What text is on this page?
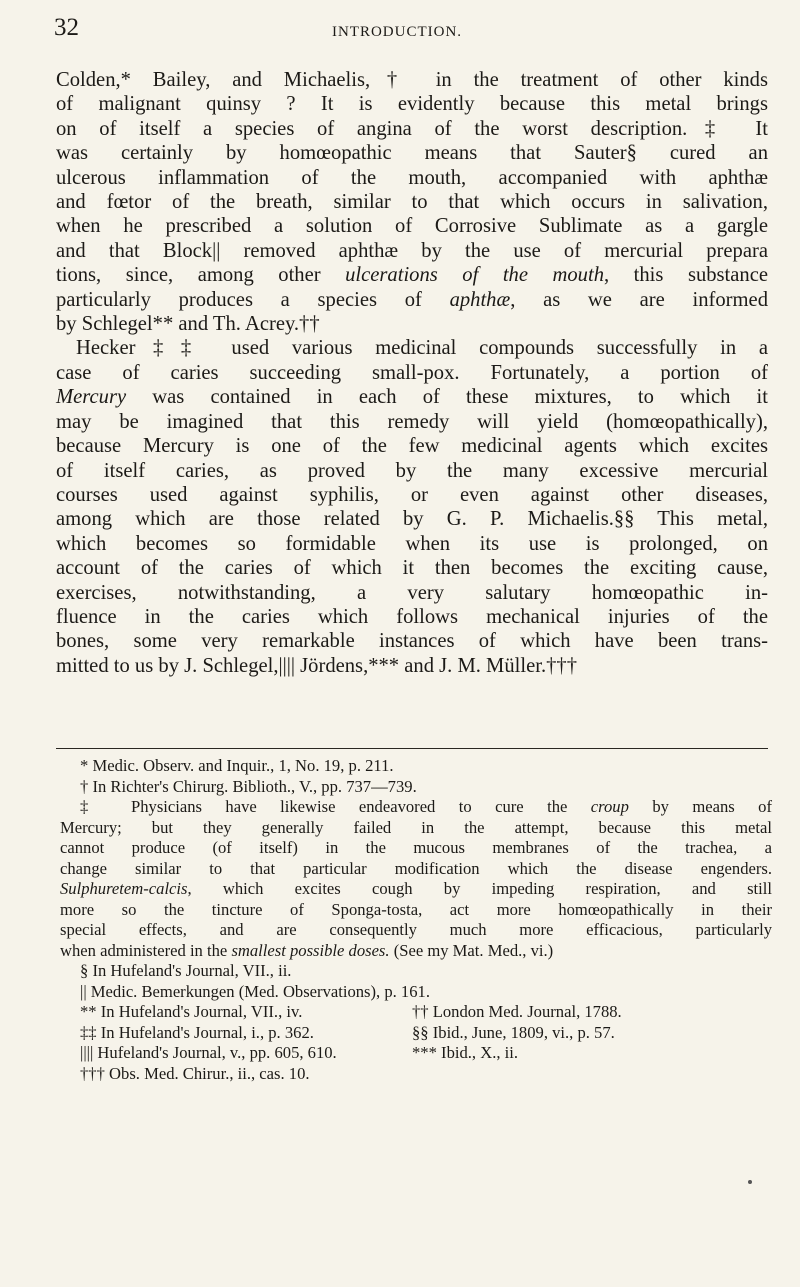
32	INTRODUCTION.
Colden,* Bailey, and Michaelis,† in the treatment of other kinds
of malignant quinsy ? It is evidently because this metal brings
on of itself a species of angina of the worst description.‡ It
was certainly by homœopathic means that Sauter§ cured an
ulcerous inflammation of the mouth, accompanied with aphthæ
and fœtor of the breath, similar to that which occurs in salivation,
when he prescribed a solution of Corrosive Sublimate as a gargle
and that Block|| removed aphthæ by the use of mercurial prepara
tions, since, among other ulcerations of the mouth, this substance
particularly produces a species of aphthæ, as we are informed
by Schlegel** and Th. Acrey.††
Hecker‡‡ used various medicinal compounds successfully in a
case of caries succeeding small-pox. Fortunately, a portion of
Mercury was contained in each of these mixtures, to which it
may be imagined that this remedy will yield (homœopathically),
because Mercury is one of the few medicinal agents which excites
of itself caries, as proved by the many excessive mercurial
courses used against syphilis, or even against other diseases,
among which are those related by G. P. Michaelis.§§ This metal,
which becomes so formidable when its use is prolonged, on
account of the caries of which it then becomes the exciting cause,
exercises, notwithstanding, a very salutary homœopathic in-
fluence in the caries which follows mechanical injuries of the
bones, some very remarkable instances of which have been trans-
mitted to us by J. Schlegel,|||| Jördens,*** and J. M. Müller.†††
* Medic. Observ. and Inquir., 1, No. 19, p. 211.
† In Richter's Chirurg. Biblioth., V., pp. 737—739.
‡ Physicians have likewise endeavored to cure the croup by means of
Mercury; but they generally failed in the attempt, because this metal
cannot produce (of itself) in the mucous membranes of the trachea, a
change similar to that particular modification which the disease engenders.
Sulphuretem-calcis, which excites cough by impeding respiration, and still
more so the tincture of Sponga-tosta, act more homœopathically in their
special effects, and are consequently much more efficacious, particularly
when administered in the smallest possible doses. (See my Mat. Med., vi.)
§ In Hufeland's Journal, VII., ii.
|| Medic. Bemerkungen (Med. Observations), p. 161.
** In Hufeland's Journal, VII., iv.	†† London Med. Journal, 1788.
‡‡ In Hufeland's Journal, i., p. 362.	§§ Ibid., June, 1809, vi., p. 57.
|||| Hufeland's Journal, v., pp. 605, 610.	*** Ibid., X., ii.
††† Obs. Med. Chirur., ii., cas. 10.
